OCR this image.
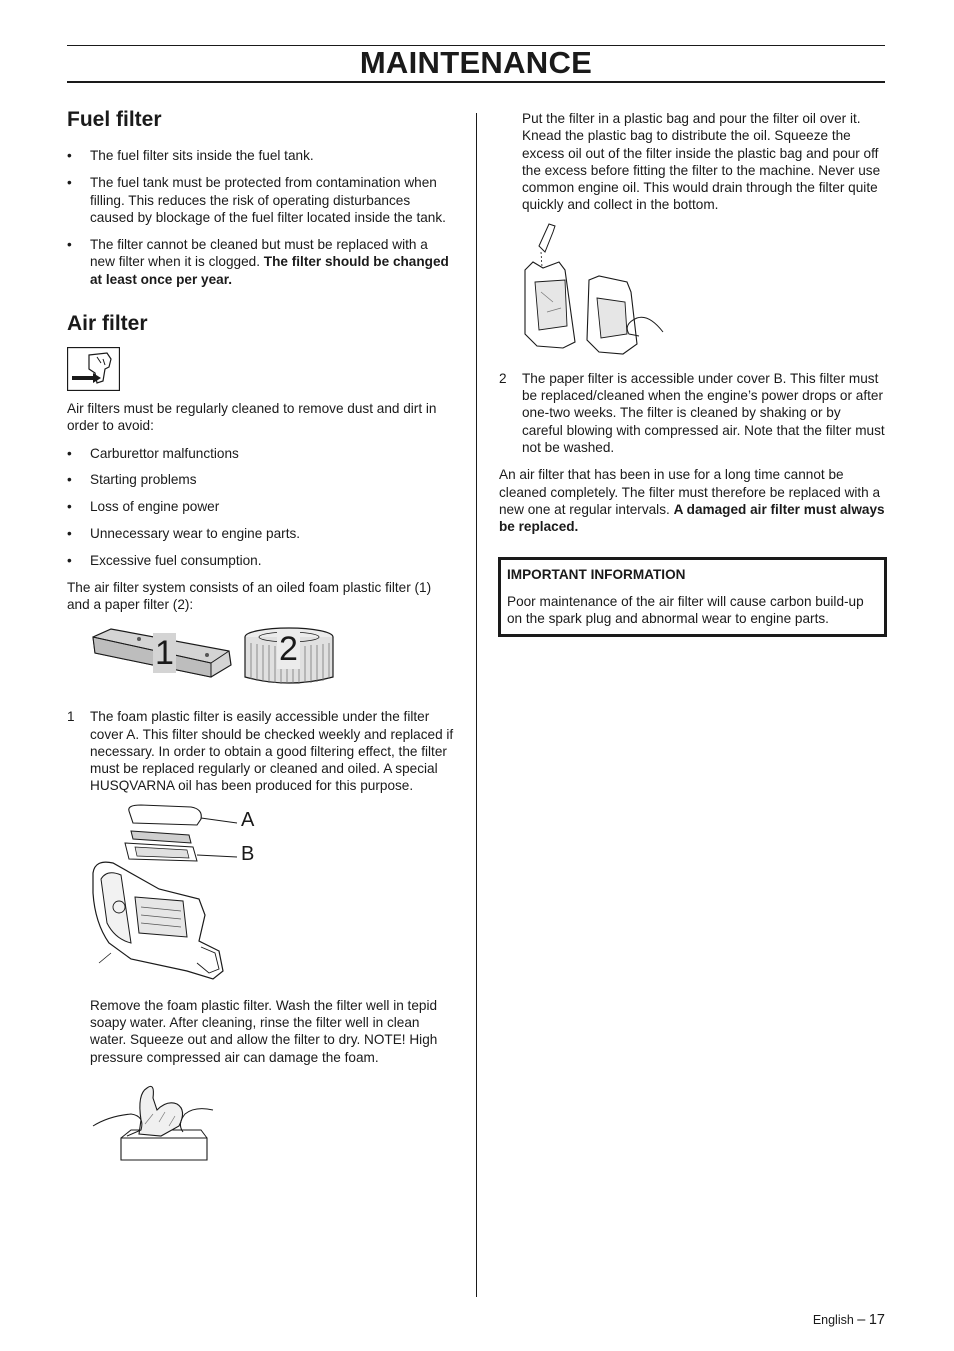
MAINTENANCE
Fuel filter
• The fuel filter sits inside the fuel tank.
• The fuel tank must be protected from contamination when filling. This reduces the risk of operating disturbances caused by blockage of the fuel filter located inside the tank.
• The filter cannot be cleaned but must be replaced with a new filter when it is clogged. The filter should be changed at least once per year.
Air filter

Air filters must be regularly cleaned to remove dust and dirt in order to avoid:

• Carburettor malfunctions
• Starting problems
• Loss of engine power
• Unnecessary wear to engine parts.
• Excessive fuel consumption.

The air filter system consists of an oiled foam plastic filter (1) and a paper filter (2):

1	2
1 The foam plastic filter is easily accessible under the filter cover A. This filter should be checked weekly and replaced if necessary. In order to obtain a good filtering effect, the filter must be replaced regularly or cleaned and oiled. A special HUSQVARNA oil has been produced for this purpose.
A
B

Remove the foam plastic filter. Wash the filter well in tepid soapy water. After cleaning, rinse the filter well in clean water. Squeeze out and allow the filter to dry. NOTE! High pressure compressed air can damage the foam.

Put the filter in a plastic bag and pour the filter oil over it. Knead the plastic bag to distribute the oil. Squeeze the excess oil out of the filter inside the plastic bag and pour off the excess before fitting the filter to the machine. Never use common engine oil. This would drain through the filter quite quickly and collect in the bottom.

2 The paper filter is accessible under cover B. This filter must be replaced/cleaned when the engine’s power drops or after one-two weeks. The filter is cleaned by shaking or by careful blowing with compressed air. Note that the filter must not be washed.

An air filter that has been in use for a long time cannot be cleaned completely. The filter must therefore be replaced with a new one at regular intervals. A damaged air filter must always be replaced.

IMPORTANT INFORMATION
Poor maintenance of the air filter will cause carbon build-up on the spark plug and abnormal wear to engine parts.
English – 17
